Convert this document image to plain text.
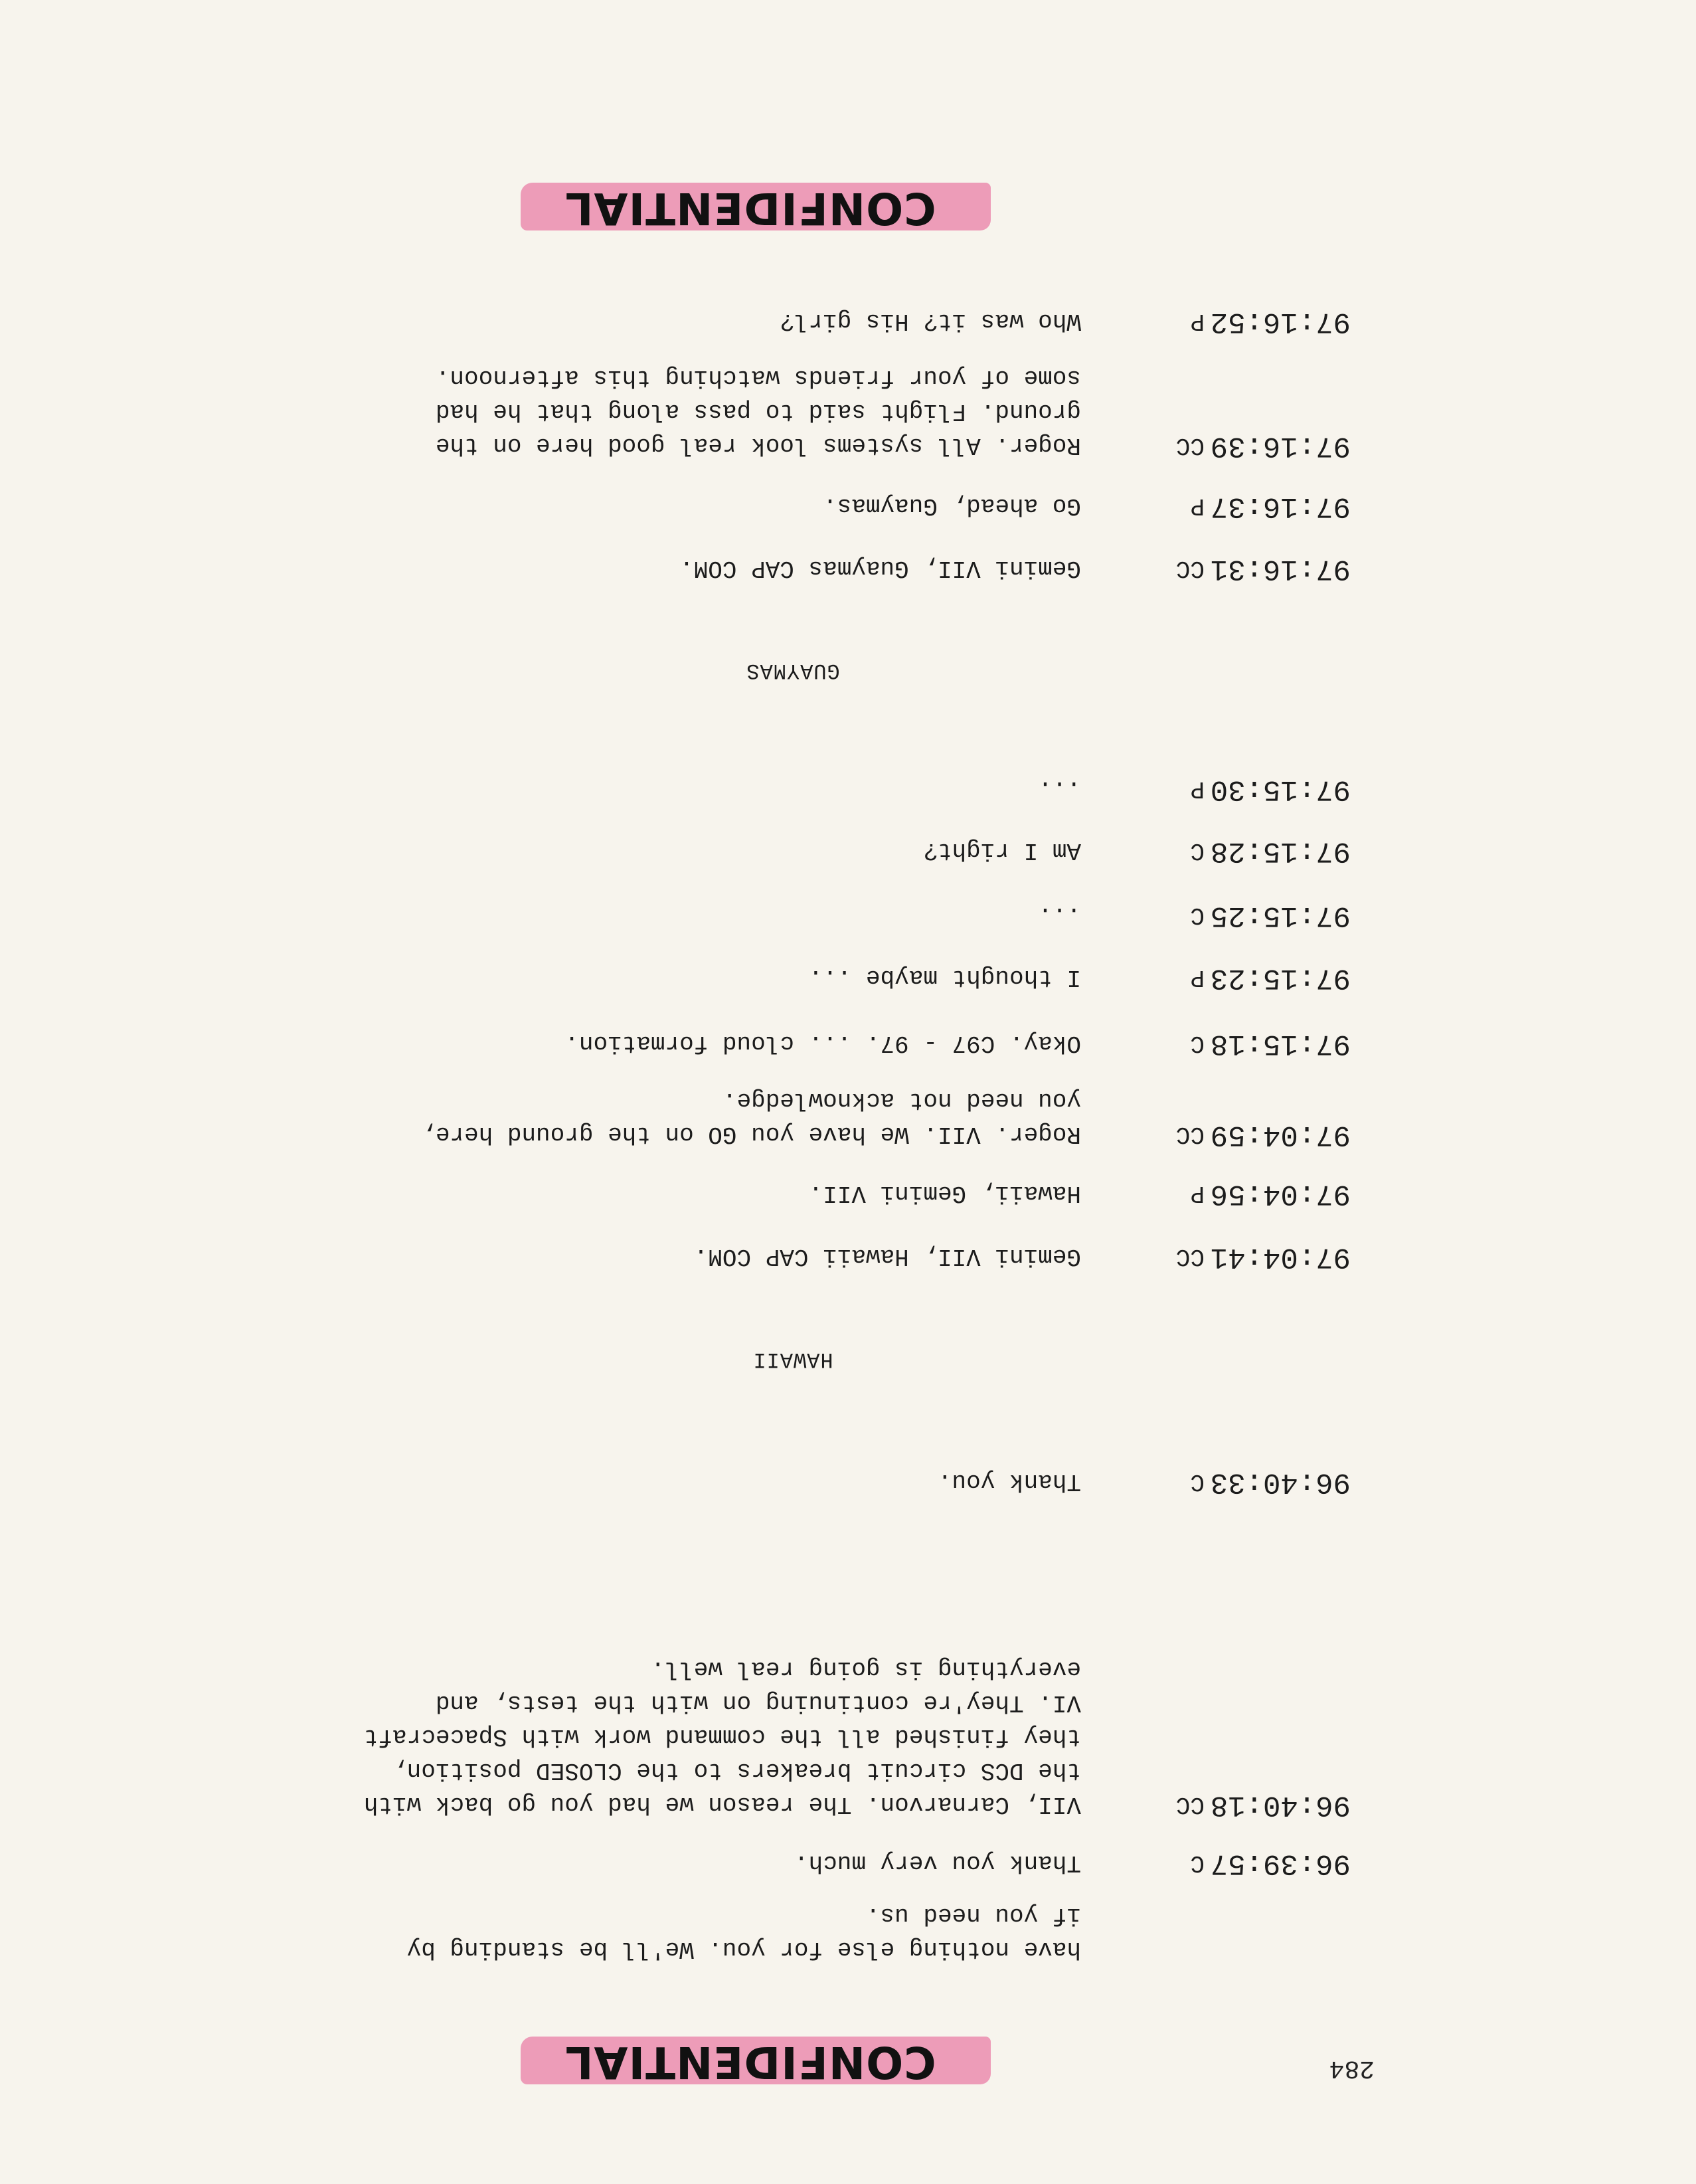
CONFIDENTIAL	284
have nothing else for you. We'll be standing by
if you need us.
96:39:57
C
Thank you very much.
96:40:18
CC
VII, Carnarvon. The reason we had you go back with
the DCS circuit breakers to the CLOSED position,
they finished all the command work with Spacecraft
VI. They're continuing on with the tests, and
everything is going real well.
96:40:33
C
Thank you.
HAWAII
97:04:41
CC
Gemini VII, Hawaii CAP COM.
97:04:56
P
Hawaii, Gemini VII.
97:04:59
CC
Roger. VII. We have you GO on the ground here,
you need not acknowledge.
97:15:18
C
Okay. C97 - 97. ... cloud formation.
97:15:23
P
I thought maybe ...
97:15:25
C
...
97:15:28
C
Am I right?
97:15:30
P
...
GUAYMAS
97:16:31
CC
Gemini VII, Guaymas CAP COM.
97:16:37
P
Go ahead, Guaymas.
97:16:39
CC
Roger. All systems look real good here on the
ground. Flight said to pass along that he had
some of your friends watching this afternoon.
97:16:52
P
Who was it? His girl?
CONFIDENTIAL
